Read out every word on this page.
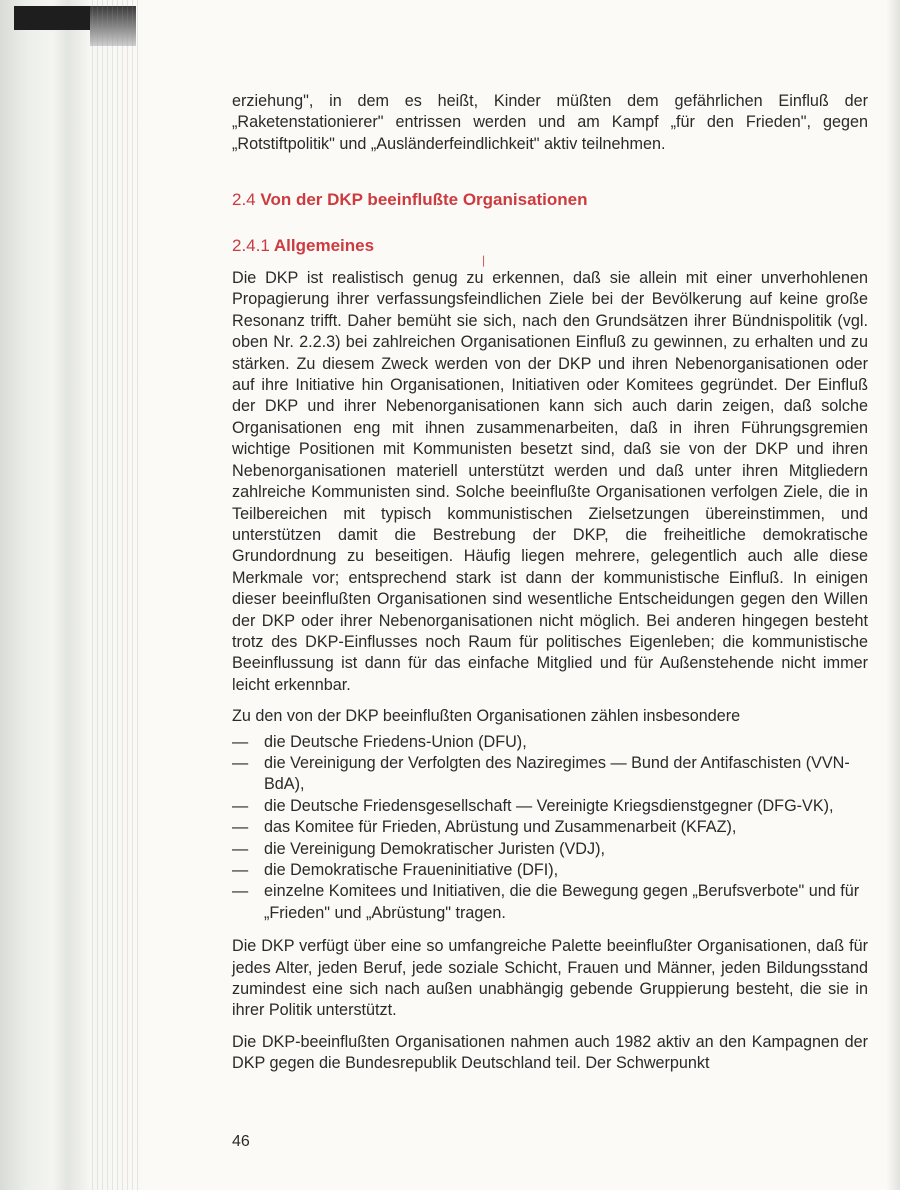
❘

erziehung", in dem es heißt, Kinder müßten dem gefährlichen Einfluß der „Raketenstationierer" entrissen werden und am Kampf „für den Frieden", gegen „Rotstiftpolitik" und „Ausländerfeindlichkeit" aktiv teilnehmen.

2.4 Von der DKP beeinflußte Organisationen
2.4.1 Allgemeines

Die DKP ist realistisch genug zu erkennen, daß sie allein mit einer unverhohlenen Propagierung ihrer verfassungsfeindlichen Ziele bei der Bevölkerung auf keine große Resonanz trifft. Daher bemüht sie sich, nach den Grundsätzen ihrer Bündnispolitik (vgl. oben Nr. 2.2.3) bei zahlreichen Organisationen Einfluß zu gewinnen, zu erhalten und zu stärken. Zu diesem Zweck werden von der DKP und ihren Nebenorganisationen oder auf ihre Initiative hin Organisationen, Initiativen oder Komitees gegründet. Der Einfluß der DKP und ihrer Nebenorganisationen kann sich auch darin zeigen, daß solche Organisationen eng mit ihnen zusammenarbeiten, daß in ihren Führungsgremien wichtige Positionen mit Kommunisten besetzt sind, daß sie von der DKP und ihren Nebenorganisationen materiell unterstützt werden und daß unter ihren Mitgliedern zahlreiche Kommunisten sind. Solche beeinflußte Organisationen verfolgen Ziele, die in Teilbereichen mit typisch kommunistischen Zielsetzungen übereinstimmen, und unterstützen damit die Bestrebung der DKP, die freiheitliche demokratische Grundordnung zu beseitigen. Häufig liegen mehrere, gelegentlich auch alle diese Merkmale vor; entsprechend stark ist dann der kommunistische Einfluß. In einigen dieser beeinflußten Organisationen sind wesentliche Entscheidungen gegen den Willen der DKP oder ihrer Nebenorganisationen nicht möglich. Bei anderen hingegen besteht trotz des DKP-Einflusses noch Raum für politisches Eigenleben; die kommunistische Beeinflussung ist dann für das einfache Mitglied und für Außenstehende nicht immer leicht erkennbar.

Zu den von der DKP beeinflußten Organisationen zählen insbesondere

— die Deutsche Friedens-Union (DFU),
— die Vereinigung der Verfolgten des Naziregimes — Bund der Antifaschisten (VVN-BdA),
— die Deutsche Friedensgesellschaft — Vereinigte Kriegsdienstgegner (DFG-VK),
— das Komitee für Frieden, Abrüstung und Zusammenarbeit (KFAZ),
— die Vereinigung Demokratischer Juristen (VDJ),
— die Demokratische Fraueninitiative (DFI),
— einzelne Komitees und Initiativen, die die Bewegung gegen „Berufsverbote" und für „Frieden" und „Abrüstung" tragen.

Die DKP verfügt über eine so umfangreiche Palette beeinflußter Organisationen, daß für jedes Alter, jeden Beruf, jede soziale Schicht, Frauen und Männer, jeden Bildungsstand zumindest eine sich nach außen unabhängig gebende Gruppierung besteht, die sie in ihrer Politik unterstützt.

Die DKP-beeinflußten Organisationen nahmen auch 1982 aktiv an den Kampagnen der DKP gegen die Bundesrepublik Deutschland teil. Der Schwerpunkt

46
